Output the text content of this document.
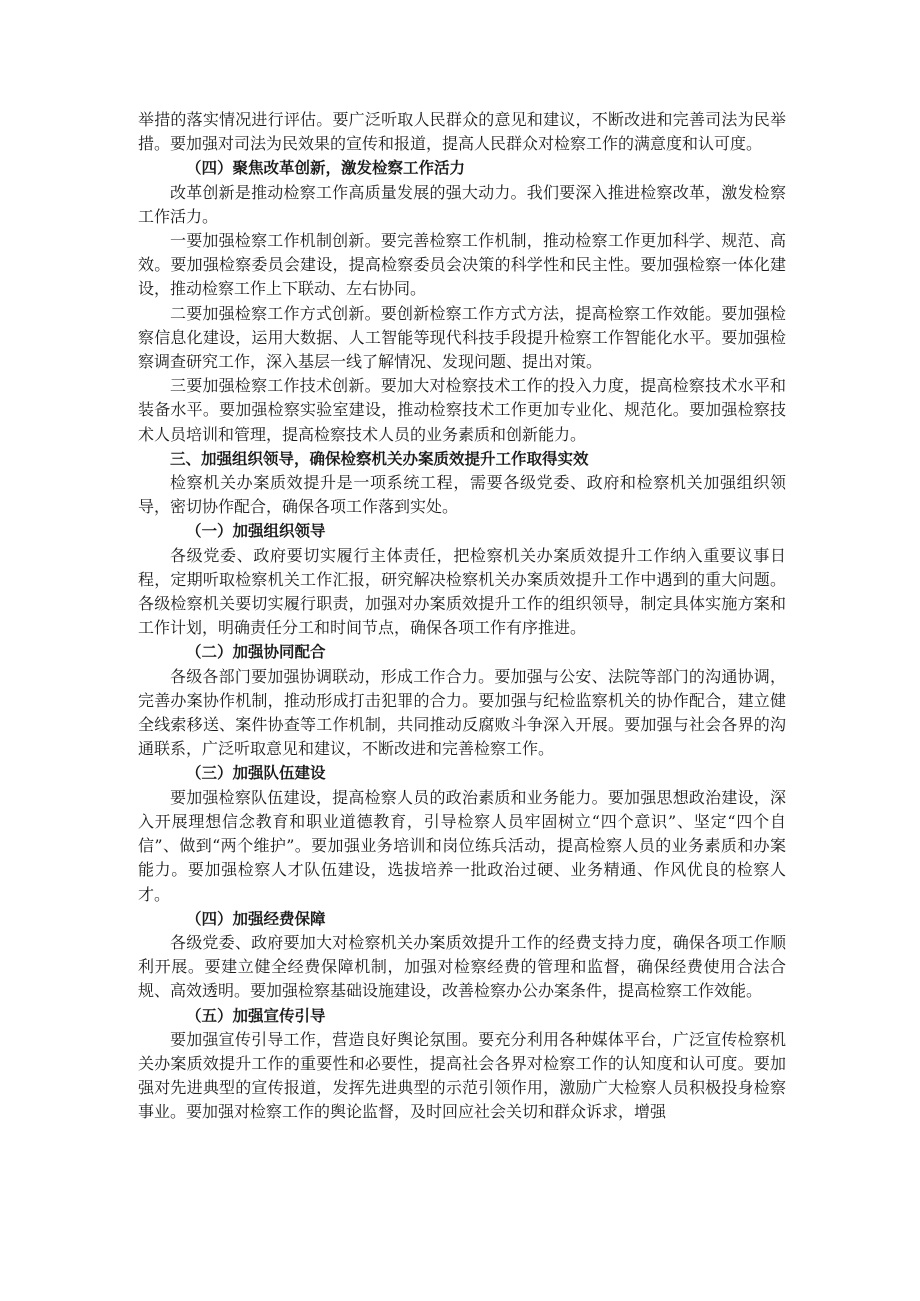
举措的落实情况进行评估。要广泛听取人民群众的意见和建议，不断改进和完善司法为民举措。要加强对司法为民效果的宣传和报道，提高人民群众对检察工作的满意度和认可度。

（四）聚焦改革创新，激发检察工作活力

改革创新是推动检察工作高质量发展的强大动力。我们要深入推进检察改革，激发检察工作活力。

一要加强检察工作机制创新。要完善检察工作机制，推动检察工作更加科学、规范、高效。要加强检察委员会建设，提高检察委员会决策的科学性和民主性。要加强检察一体化建设，推动检察工作上下联动、左右协同。

二要加强检察工作方式创新。要创新检察工作方式方法，提高检察工作效能。要加强检察信息化建设，运用大数据、人工智能等现代科技手段提升检察工作智能化水平。要加强检察调查研究工作，深入基层一线了解情况、发现问题、提出对策。

三要加强检察工作技术创新。要加大对检察技术工作的投入力度，提高检察技术水平和装备水平。要加强检察实验室建设，推动检察技术工作更加专业化、规范化。要加强检察技术人员培训和管理，提高检察技术人员的业务素质和创新能力。

三、加强组织领导，确保检察机关办案质效提升工作取得实效

检察机关办案质效提升是一项系统工程，需要各级党委、政府和检察机关加强组织领导，密切协作配合，确保各项工作落到实处。

（一）加强组织领导

各级党委、政府要切实履行主体责任，把检察机关办案质效提升工作纳入重要议事日程，定期听取检察机关工作汇报，研究解决检察机关办案质效提升工作中遇到的重大问题。各级检察机关要切实履行职责，加强对办案质效提升工作的组织领导，制定具体实施方案和工作计划，明确责任分工和时间节点，确保各项工作有序推进。

（二）加强协同配合

各级各部门要加强协调联动，形成工作合力。要加强与公安、法院等部门的沟通协调，完善办案协作机制，推动形成打击犯罪的合力。要加强与纪检监察机关的协作配合，建立健全线索移送、案件协查等工作机制，共同推动反腐败斗争深入开展。要加强与社会各界的沟通联系，广泛听取意见和建议，不断改进和完善检察工作。

（三）加强队伍建设

要加强检察队伍建设，提高检察人员的政治素质和业务能力。要加强思想政治建设，深入开展理想信念教育和职业道德教育，引导检察人员牢固树立“四个意识”、坚定“四个自信”、做到“两个维护”。要加强业务培训和岗位练兵活动，提高检察人员的业务素质和办案能力。要加强检察人才队伍建设，选拔培养一批政治过硬、业务精通、作风优良的检察人才。

（四）加强经费保障

各级党委、政府要加大对检察机关办案质效提升工作的经费支持力度，确保各项工作顺利开展。要建立健全经费保障机制，加强对检察经费的管理和监督，确保经费使用合法合规、高效透明。要加强检察基础设施建设，改善检察办公办案条件，提高检察工作效能。

（五）加强宣传引导

要加强宣传引导工作，营造良好舆论氛围。要充分利用各种媒体平台，广泛宣传检察机关办案质效提升工作的重要性和必要性，提高社会各界对检察工作的认知度和认可度。要加强对先进典型的宣传报道，发挥先进典型的示范引领作用，激励广大检察人员积极投身检察事业。要加强对检察工作的舆论监督，及时回应社会关切和群众诉求，增强
